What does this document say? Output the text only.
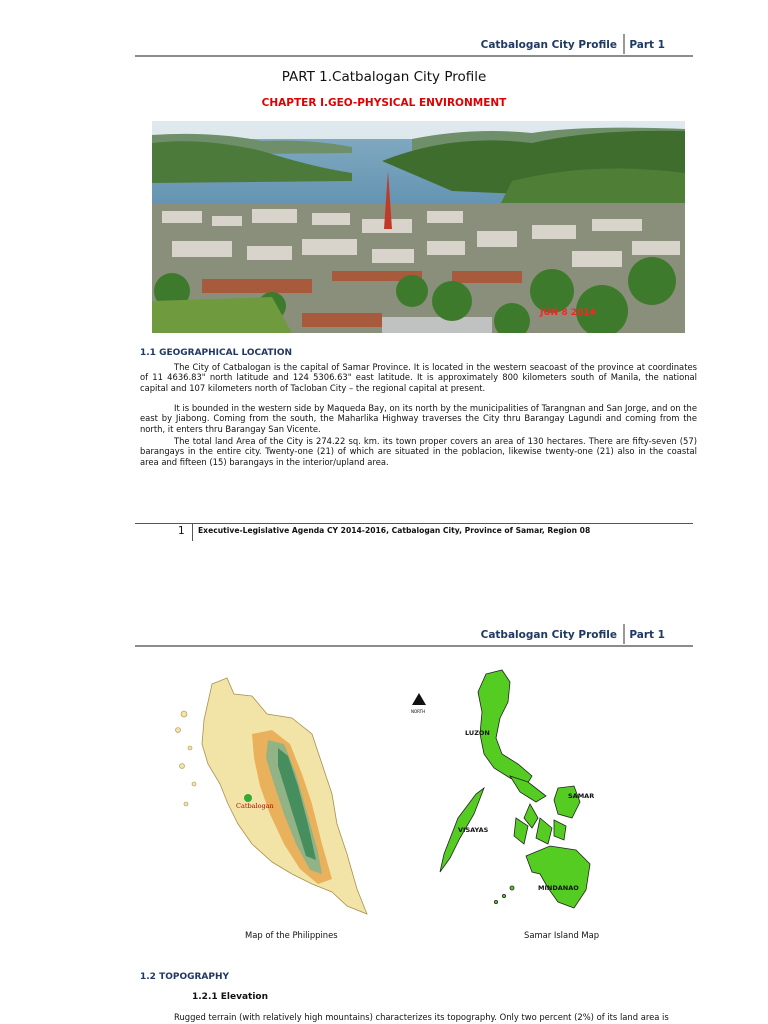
Catbalogan City Profile Part 1
PART 1.Catbalogan City Profile
CHAPTER I.GEO-PHYSICAL ENVIRONMENT
JUN 8 2014
1.1 GEOGRAPHICAL LOCATION

The City of Catbalogan is the capital of Samar Province. It is located in the western seacoast of the province at coordinates of 11 4636.83" north latitude and 124 5306.63" east latitude. It is approximately 800 kilometers south of Manila, the national capital and 107 kilometers north of Tacloban City – the regional capital at present.

It is bounded in the western side by Maqueda Bay, on its north by the municipalities of Tarangnan and San Jorge, and on the east by Jiabong. Coming from the south, the Maharlika Highway traverses the City thru Barangay Lagundi and coming from the north, it enters thru Barangay San Vicente.

The total land Area of the City is 274.22 sq. km. its town proper covers an area of 130 hectares. There are fifty-seven (57) barangays in the entire city. Twenty-one (21) of which are situated in the poblacion, likewise twenty-one (21) also in the coastal area and fifteen (15) barangays in the interior/upland area.

1 Executive-Legislative Agenda CY 2014-2016, Catbalogan City, Province of Samar, Region 08
Catbalogan City Profile Part 1
Catbalogan
NORTH
LUZON
VISAYAS
SAMAR
MINDANAO
Map of the Philippines	Samar Island Map
1.2 TOPOGRAPHY
1.2.1 Elevation

Rugged terrain (with relatively high mountains) characterizes its topography. Only two percent (2%) of its land area is
